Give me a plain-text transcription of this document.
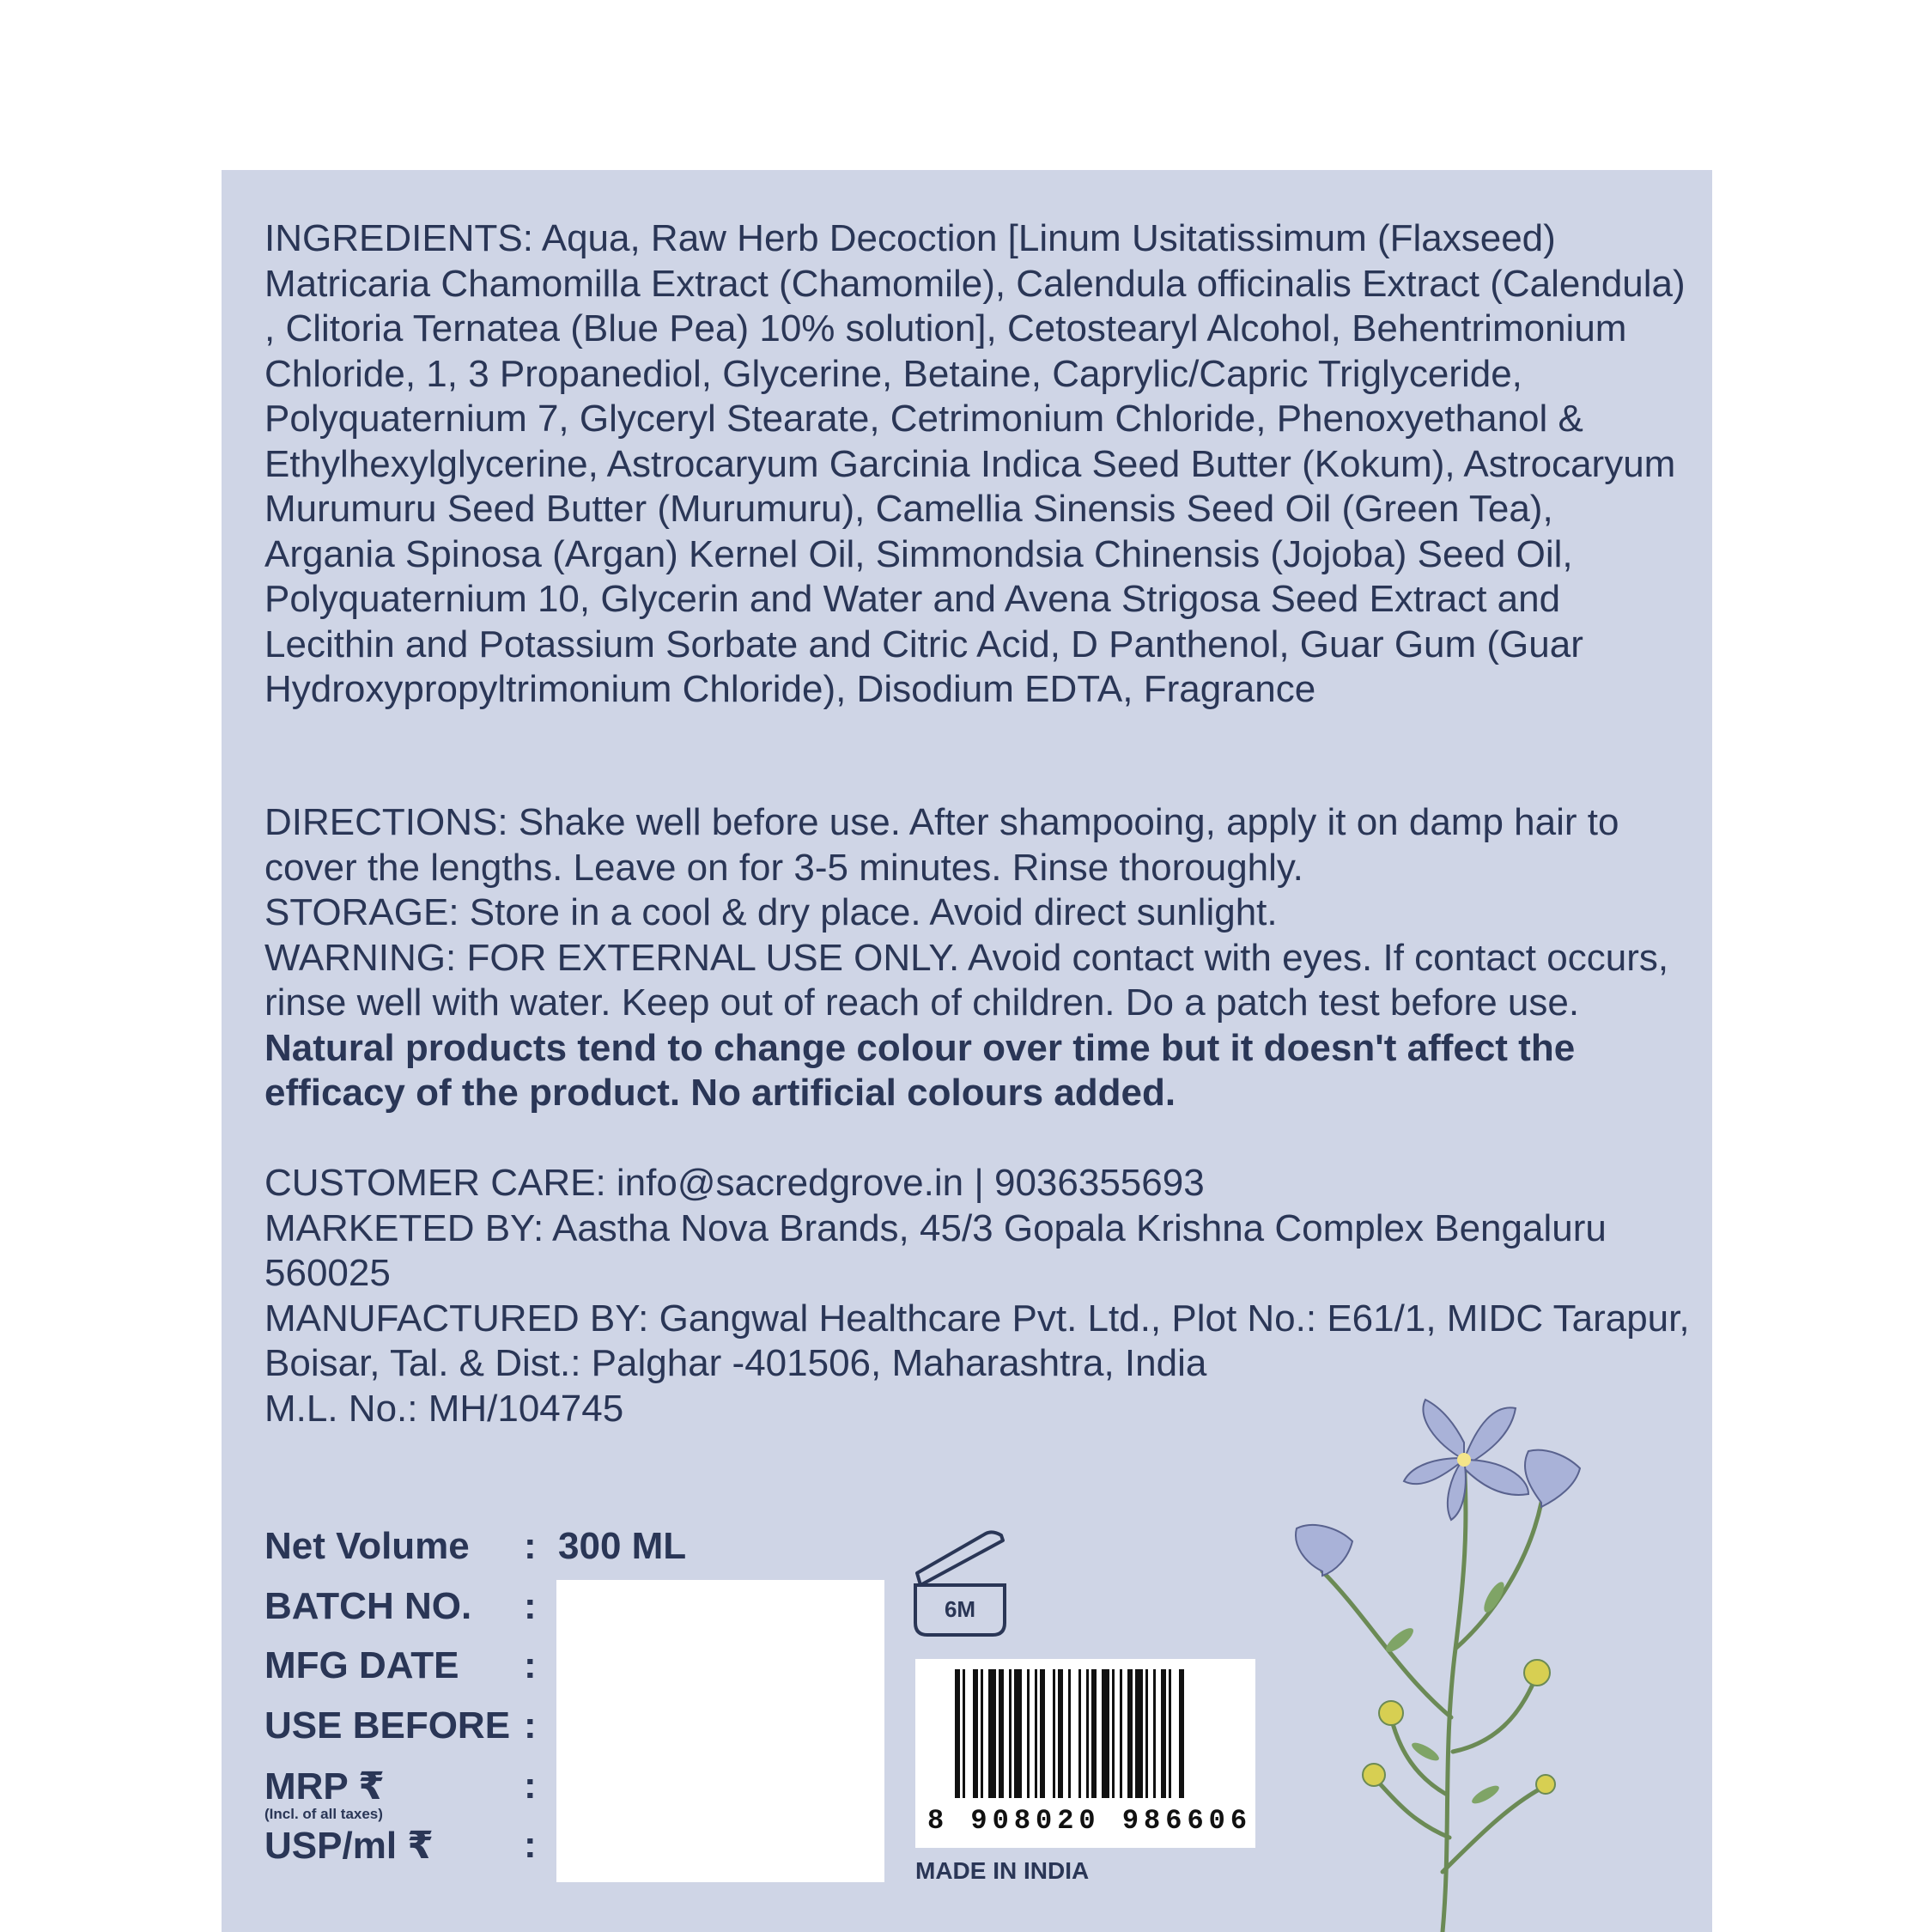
INGREDIENTS: Aqua, Raw Herb Decoction [Linum Usitatissimum (Flaxseed) Matricaria Chamomilla Extract (Chamomile), Calendula officinalis Extract (Calendula) , Clitoria Ternatea (Blue Pea) 10% solution], Cetostearyl Alcohol, Behentrimonium Chloride, 1, 3 Propanediol, Glycerine, Betaine, Caprylic/Capric Triglyceride, Polyquaternium 7, Glyceryl Stearate, Cetrimonium Chloride, Phenoxyethanol & Ethylhexylglycerine, Astrocaryum Garcinia Indica Seed Butter (Kokum), Astrocaryum Murumuru Seed Butter (Murumuru), Camellia Sinensis Seed Oil (Green Tea), Argania Spinosa (Argan) Kernel Oil, Simmondsia Chinensis (Jojoba) Seed Oil, Polyquaternium 10, Glycerin and Water and Avena Strigosa Seed Extract and Lecithin and Potassium Sorbate and Citric Acid, D Panthenol, Guar Gum (Guar Hydroxypropyltrimonium Chloride), Disodium EDTA, Fragrance

DIRECTIONS: Shake well before use. After shampooing, apply it on damp hair to cover the lengths. Leave on for 3-5 minutes. Rinse thoroughly.

STORAGE: Store in a cool & dry place. Avoid direct sunlight.

WARNING: FOR EXTERNAL USE ONLY. Avoid contact with eyes. If contact occurs, rinse well with water. Keep out of reach of children. Do a patch test before use. Natural products tend to change colour over time but it doesn't affect the efficacy of the product. No artificial colours added.

CUSTOMER CARE: info@sacredgrove.in | 9036355693

MARKETED BY: Aastha Nova Brands, 45/3 Gopala Krishna Complex Bengaluru 560025

MANUFACTURED BY: Gangwal Healthcare Pvt. Ltd., Plot No.: E61/1, MIDC Tarapur, Boisar, Tal. & Dist.: Palghar -401506, Maharashtra, India

M.L. No.: MH/104745

Net Volume : 300 ML
BATCH NO. :
MFG DATE :
USE BEFORE :
MRP ₹	:
(Incl. of all taxes)
USP/ml ₹ :
6M
8 908020 986606
MADE IN INDIA
